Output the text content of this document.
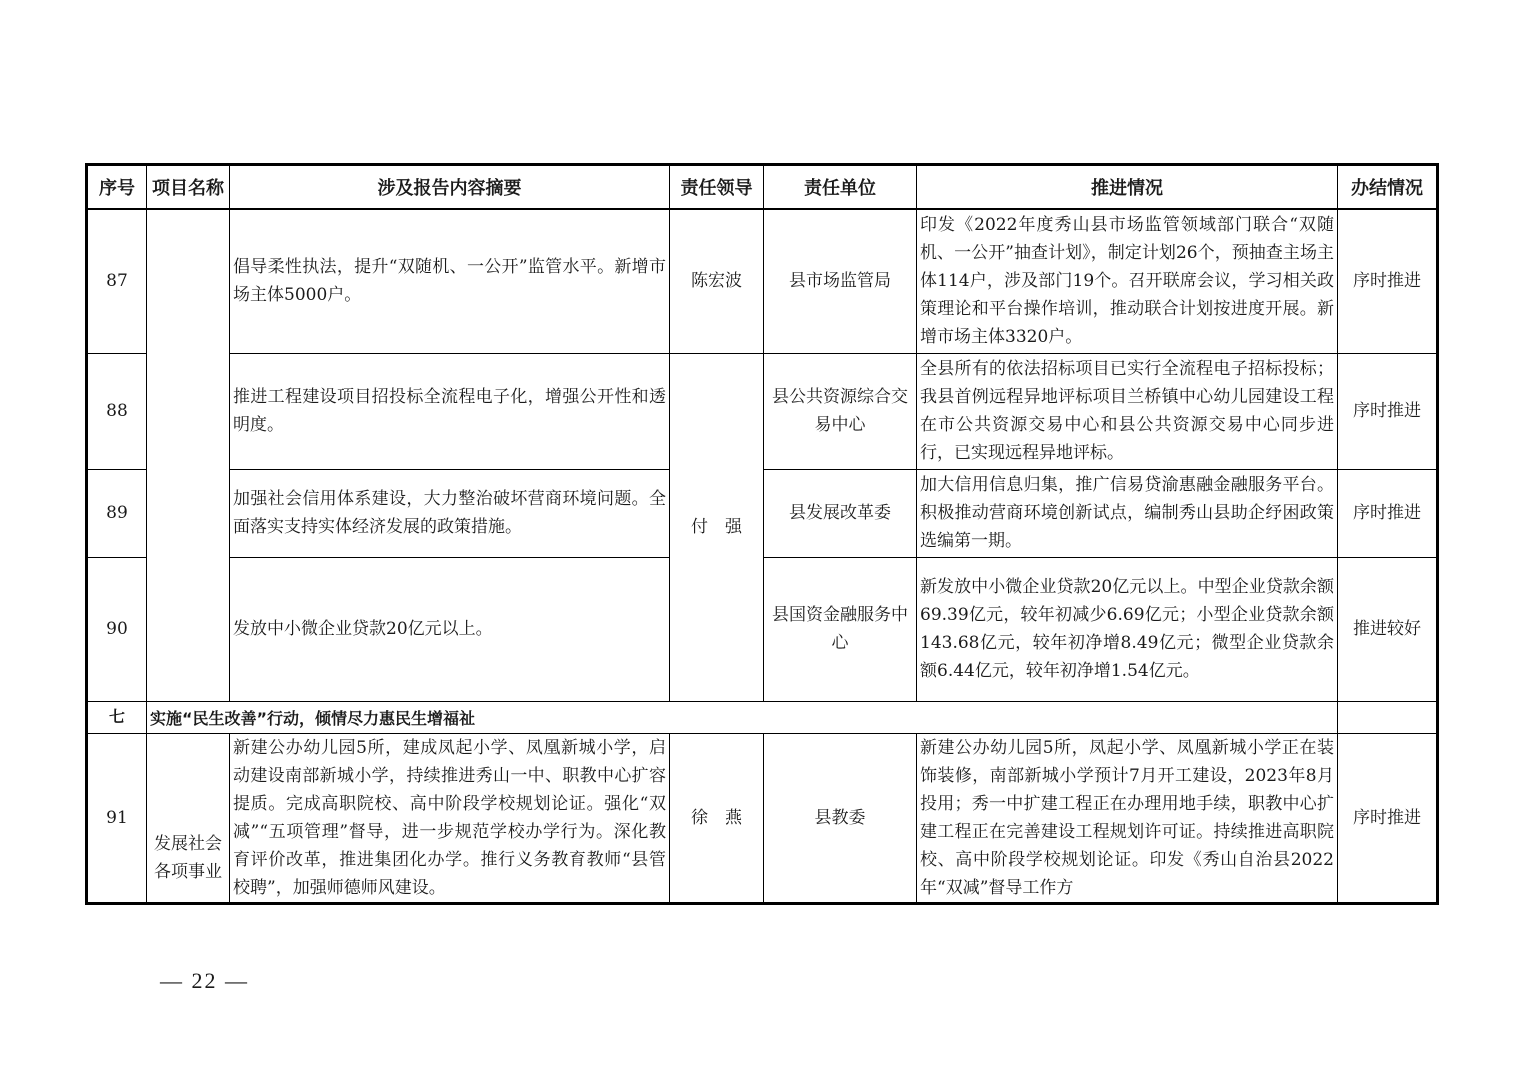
序号	项目名称	涉及报告内容摘要	责任领导	责任单位	推进情况	办结情况
87		倡导柔性执法，提升“双随机、一公开”监管水平。新增市场主体5000户。	陈宏波	县市场监管局	印发《2022年度秀山县市场监管领域部门联合“双随机、一公开”抽查计划》，制定计划26个，预抽查主场主体114户，涉及部门19个。召开联席会议，学习相关政策理论和平台操作培训，推动联合计划按进度开展。新增市场主体3320户。	序时推进
88		推进工程建设项目招投标全流程电子化，增强公开性和透明度。	付　强	县公共资源综合交易中心	全县所有的依法招标项目已实行全流程电子招标投标；我县首例远程异地评标项目兰桥镇中心幼儿园建设工程在市公共资源交易中心和县公共资源交易中心同步进行，已实现远程异地评标。	序时推进
89		加强社会信用体系建设，大力整治破坏营商环境问题。全面落实支持实体经济发展的政策措施。		县发展改革委	加大信用信息归集，推广信易贷渝惠融金融服务平台。积极推动营商环境创新试点，编制秀山县助企纾困政策选编第一期。	序时推进
90		发放中小微企业贷款20亿元以上。		县国资金融服务中心	新发放中小微企业贷款20亿元以上。中型企业贷款余额69.39亿元，较年初减少6.69亿元；小型企业贷款余额143.68亿元，较年初净增8.49亿元；微型企业贷款余额6.44亿元，较年初净增1.54亿元。	推进较好
七	实施“民生改善”行动，倾情尽力惠民生增福祉					
91	发展社会各项事业	新建公办幼儿园5所，建成凤起小学、凤凰新城小学，启动建设南部新城小学，持续推进秀山一中、职教中心扩容提质。完成高职院校、高中阶段学校规划论证。强化“双减”“五项管理”督导，进一步规范学校办学行为。深化教育评价改革，推进集团化办学。推行义务教育教师“县管校聘”，加强师德师风建设。	徐　燕	县教委	新建公办幼儿园5所，凤起小学、凤凰新城小学正在装饰装修，南部新城小学预计7月开工建设，2023年8月投用；秀一中扩建工程正在办理用地手续，职教中心扩建工程正在完善建设工程规划许可证。持续推进高职院校、高中阶段学校规划论证。印发《秀山自治县2022年“双减”督导工作方	序时推进
— 22 —
